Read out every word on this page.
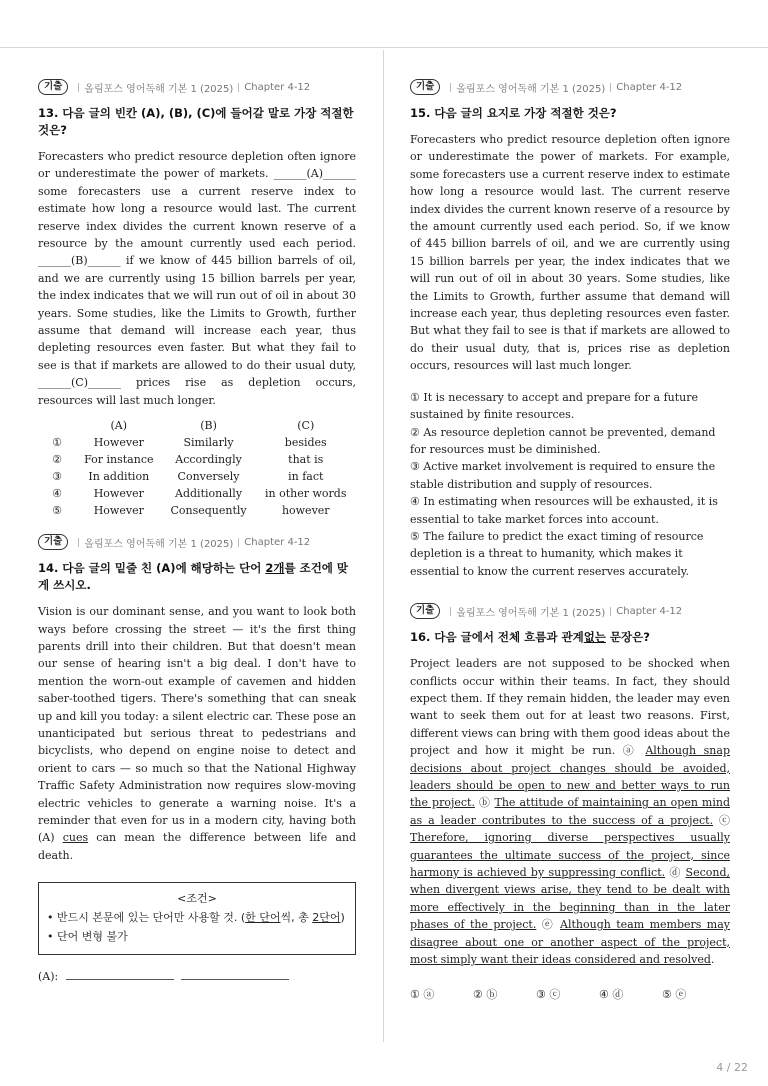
기출	올림포스 영어독해 기본 1 (2025) Chapter 4-12
13. 다음 글의 빈칸 (A), (B), (C)에 들어갈 말로 가장 적절한 것은?

Forecasters who predict resource depletion often ignore or underestimate the power of markets. ______(A)______ some forecasters use a current reserve index to estimate how long a resource would last. The current reserve index divides the current known reserve of a resource by the amount currently used each period. ______(B)______ if we know of 445 billion barrels of oil, and we are currently using 15 billion barrels per year, the index indicates that we will run out of oil in about 30 years. Some studies, like the Limits to Growth, further assume that demand will increase each year, thus depleting resources even faster. But what they fail to see is that if markets are allowed to do their usual duty, ______(C)______ prices rise as depletion occurs, resources will last much longer.

	(A)	(B)	(C)
①	However	Similarly	besides
②	For instance	Accordingly	that is
③	In addition	Conversely	in fact
④	However	Additionally	in other words
⑤	However	Consequently	however
기출	올림포스 영어독해 기본 1 (2025) Chapter 4-12
14. 다음 글의 밑줄 친 (A)에 해당하는 단어 2개를 조건에 맞게 쓰시오.

Vision is our dominant sense, and you want to look both ways before crossing the street — it's the first thing parents drill into their children. But that doesn't mean our sense of hearing isn't a big deal. I don't have to mention the worn-out example of cavemen and hidden saber-toothed tigers. There's something that can sneak up and kill you today: a silent electric car. These pose an unanticipated but serious threat to pedestrians and bicyclists, who depend on engine noise to detect and orient to cars — so much so that the National Highway Traffic Safety Administration now requires slow-moving electric vehicles to generate a warning noise. It's a reminder that even for us in a modern city, having both (A) cues can mean the difference between life and death.

<조건>
• 반드시 본문에 있는 단어만 사용할 것. (한 단어씩, 총 2단어)
• 단어 변형 불가
(A):
기출	올림포스 영어독해 기본 1 (2025) Chapter 4-12
15. 다음 글의 요지로 가장 적절한 것은?

Forecasters who predict resource depletion often ignore or underestimate the power of markets. For example, some forecasters use a current reserve index to estimate how long a resource would last. The current reserve index divides the current known reserve of a resource by the amount currently used each period. So, if we know of 445 billion barrels of oil, and we are currently using 15 billion barrels per year, the index indicates that we will run out of oil in about 30 years. Some studies, like the Limits to Growth, further assume that demand will increase each year, thus depleting resources even faster. But what they fail to see is that if markets are allowed to do their usual duty, that is, prices rise as depletion occurs, resources will last much longer.

① It is necessary to accept and prepare for a future sustained by finite resources.
② As resource depletion cannot be prevented, demand for resources must be diminished.
③ Active market involvement is required to ensure the stable distribution and supply of resources.
④ In estimating when resources will be exhausted, it is essential to take market forces into account.
⑤ The failure to predict the exact timing of resource depletion is a threat to humanity, which makes it essential to know the current reserves accurately.
기출	올림포스 영어독해 기본 1 (2025) Chapter 4-12
16. 다음 글에서 전체 흐름과 관계없는 문장은?

Project leaders are not supposed to be shocked when conflicts occur within their teams. In fact, they should expect them. If they remain hidden, the leader may even want to seek them out for at least two reasons. First, different views can bring with them good ideas about the project and how it might be run. ⓐ Although snap decisions about project changes should be avoided, leaders should be open to new and better ways to run the project. ⓑ The attitude of maintaining an open mind as a leader contributes to the success of a project. ⓒ Therefore, ignoring diverse perspectives usually guarantees the ultimate success of the project, since harmony is achieved by suppressing conflict. ⓓ Second, when divergent views arise, they tend to be dealt with more effectively in the beginning than in the later phases of the project. ⓔ Although team members may disagree about one or another aspect of the project, most simply want their ideas considered and resolved.

① ⓐ	② ⓑ	③ ⓒ	④ ⓓ	⑤ ⓔ
4 / 22
